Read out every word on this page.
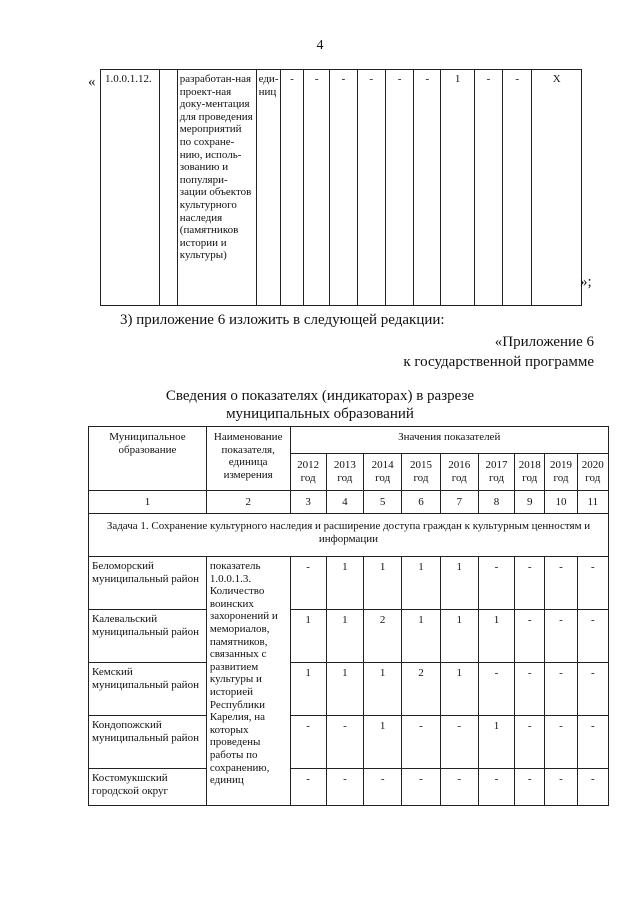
4
« 1.0.0.1.12.		разработан-ная проект-ная доку-ментация для проведения мероприятий по сохране-нию, исполь-зованию и популяри-зации объектов культурного наследия (памятников истории и культуры)	еди-ниц	-	-	-	-	-	-	1	-	-	X
»;
3) приложение 6 изложить в следующей редакции:
«Приложение 6
к государственной программе
Сведения о показателях (индикаторах) в разрезе
муниципальных образований
Муниципальное образование	Наименование показателя, единица измерения	Значения показателей								
		2012 год	2013 год	2014 год	2015 год	2016 год	2017 год	2018 год	2019 год	2020 год
1	2	3	4	5	6	7	8	9	10	11
Задача 1. Сохранение культурного наследия и расширение доступа граждан к культурным ценностям и информации										
Беломорский муниципальный район	показатель 1.0.0.1.3. Количество воинских захоронений и мемориалов, памятников, связанных с развитием культуры и историей Республики Карелия, на которых проведены работы по сохранению, единиц	-	1	1	1	1	-	-	-	-
Калевальский муниципальный район		1	1	2	1	1	1	-	-	-
Кемский муниципальный район		1	1	1	2	1	-	-	-	-
Кондопожский муниципальный район		-	-	1	-	-	1	-	-	-
Костомукшский городской округ		-	-	-	-	-	-	-	-	-
